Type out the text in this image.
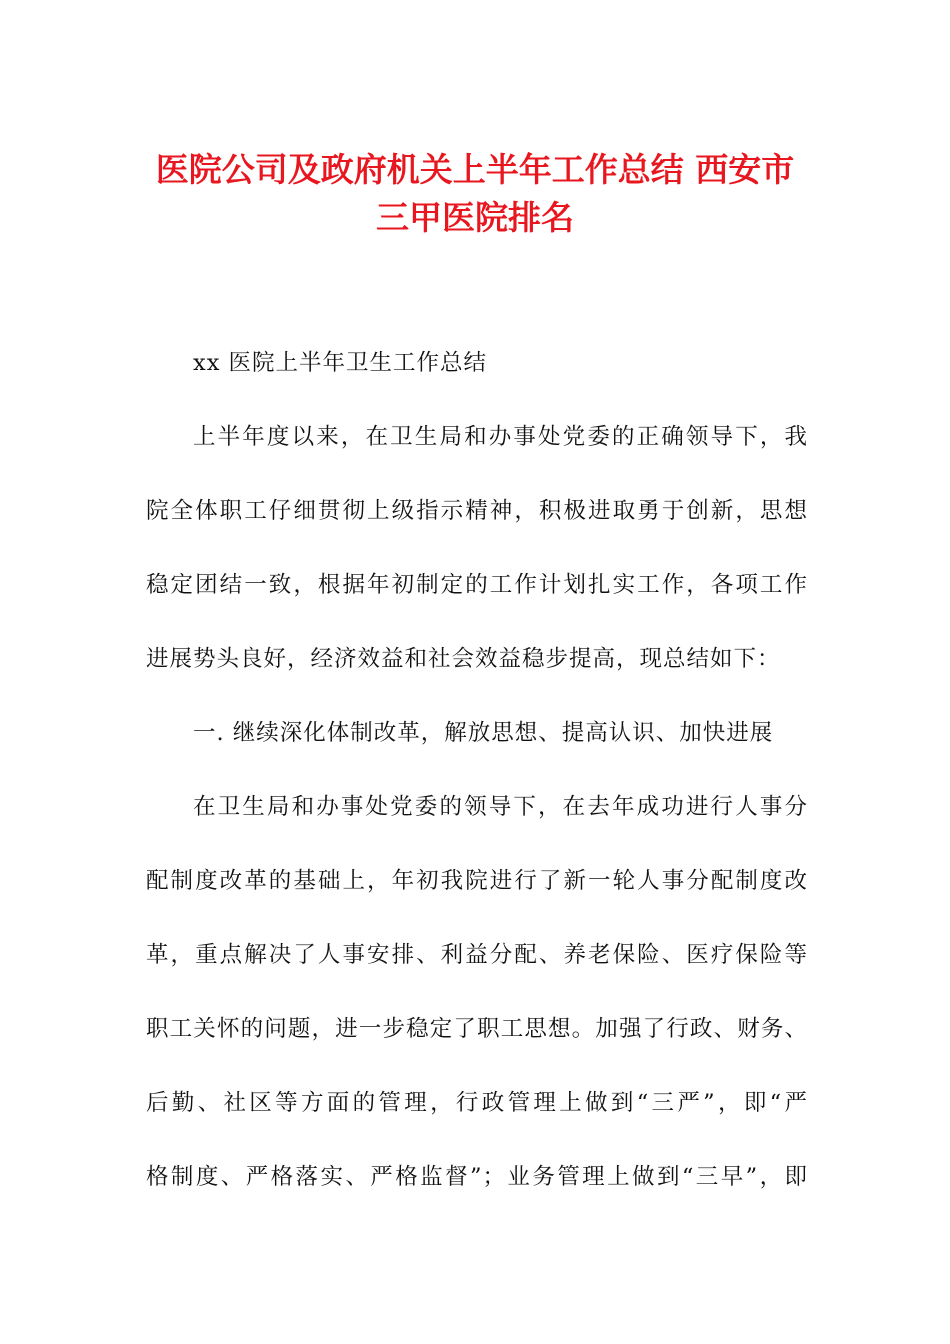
医院公司及政府机关上半年工作总结 西安市
三甲医院排名
xx 医院上半年卫生工作总结
上半年度以来，在卫生局和办事处党委的正确领导下，我
院全体职工仔细贯彻上级指示精神，积极进取勇于创新，思想
稳定团结一致，根据年初制定的工作计划扎实工作，各项工作
进展势头良好，经济效益和社会效益稳步提高，现总结如下：
一. 继续深化体制改革，解放思想、提高认识、加快进展
在卫生局和办事处党委的领导下，在去年成功进行人事分
配制度改革的基础上，年初我院进行了新一轮人事分配制度改
革，重点解决了人事安排、利益分配、养老保险、医疗保险等
职工关怀的问题，进一步稳定了职工思想。加强了行政、财务、
后勤、社区等方面的管理，行政管理上做到“三严”，即“严
格制度、严格落实、严格监督”；业务管理上做到“三早”，即
